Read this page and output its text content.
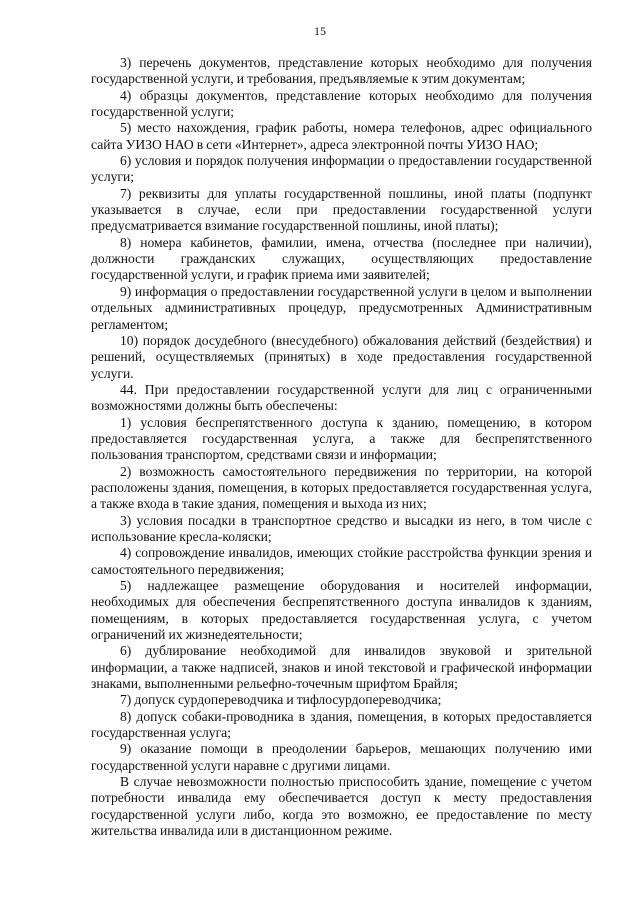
15

3) перечень документов, представление которых необходимо для получения государственной услуги, и требования, предъявляемые к этим документам;

4) образцы документов, представление которых необходимо для получения государственной услуги;

5) место нахождения, график работы, номера телефонов, адрес официального сайта УИЗО НАО в сети «Интернет», адреса электронной почты УИЗО НАО;

6) условия и порядок получения информации о предоставлении государственной услуги;

7) реквизиты для уплаты государственной пошлины, иной платы (подпункт указывается в случае, если при предоставлении государственной услуги предусматривается взимание государственной пошлины, иной платы);

8) номера кабинетов, фамилии, имена, отчества (последнее при наличии), должности гражданских служащих, осуществляющих предоставление государственной услуги, и график приема ими заявителей;

9) информация о предоставлении государственной услуги в целом и выполнении отдельных административных процедур, предусмотренных Административным регламентом;

10) порядок досудебного (внесудебного) обжалования действий (бездействия) и решений, осуществляемых (принятых) в ходе предоставления государственной услуги.

44. При предоставлении государственной услуги для лиц с ограниченными возможностями должны быть обеспечены:

1) условия беспрепятственного доступа к зданию, помещению, в котором предоставляется государственная услуга, а также для беспрепятственного пользования транспортом, средствами связи и информации;

2) возможность самостоятельного передвижения по территории, на которой расположены здания, помещения, в которых предоставляется государственная услуга, а также входа в такие здания, помещения и выхода из них;

3) условия посадки в транспортное средство и высадки из него, в том числе с использование кресла-коляски;

4) сопровождение инвалидов, имеющих стойкие расстройства функции зрения и самостоятельного передвижения;

5) надлежащее размещение оборудования и носителей информации, необходимых для обеспечения беспрепятственного доступа инвалидов к зданиям, помещениям, в которых предоставляется государственная услуга, с учетом ограничений их жизнедеятельности;

6) дублирование необходимой для инвалидов звуковой и зрительной информации, а также надписей, знаков и иной текстовой и графической информации знаками, выполненными рельефно-точечным шрифтом Брайля;

7) допуск сурдопереводчика и тифлосурдопереводчика;

8) допуск собаки-проводника в здания, помещения, в которых предоставляется государственная услуга;

9) оказание помощи в преодолении барьеров, мешающих получению ими государственной услуги наравне с другими лицами.

В случае невозможности полностью приспособить здание, помещение с учетом потребности инвалида ему обеспечивается доступ к месту предоставления государственной услуги либо, когда это возможно, ее предоставление по месту жительства инвалида или в дистанционном режиме.
